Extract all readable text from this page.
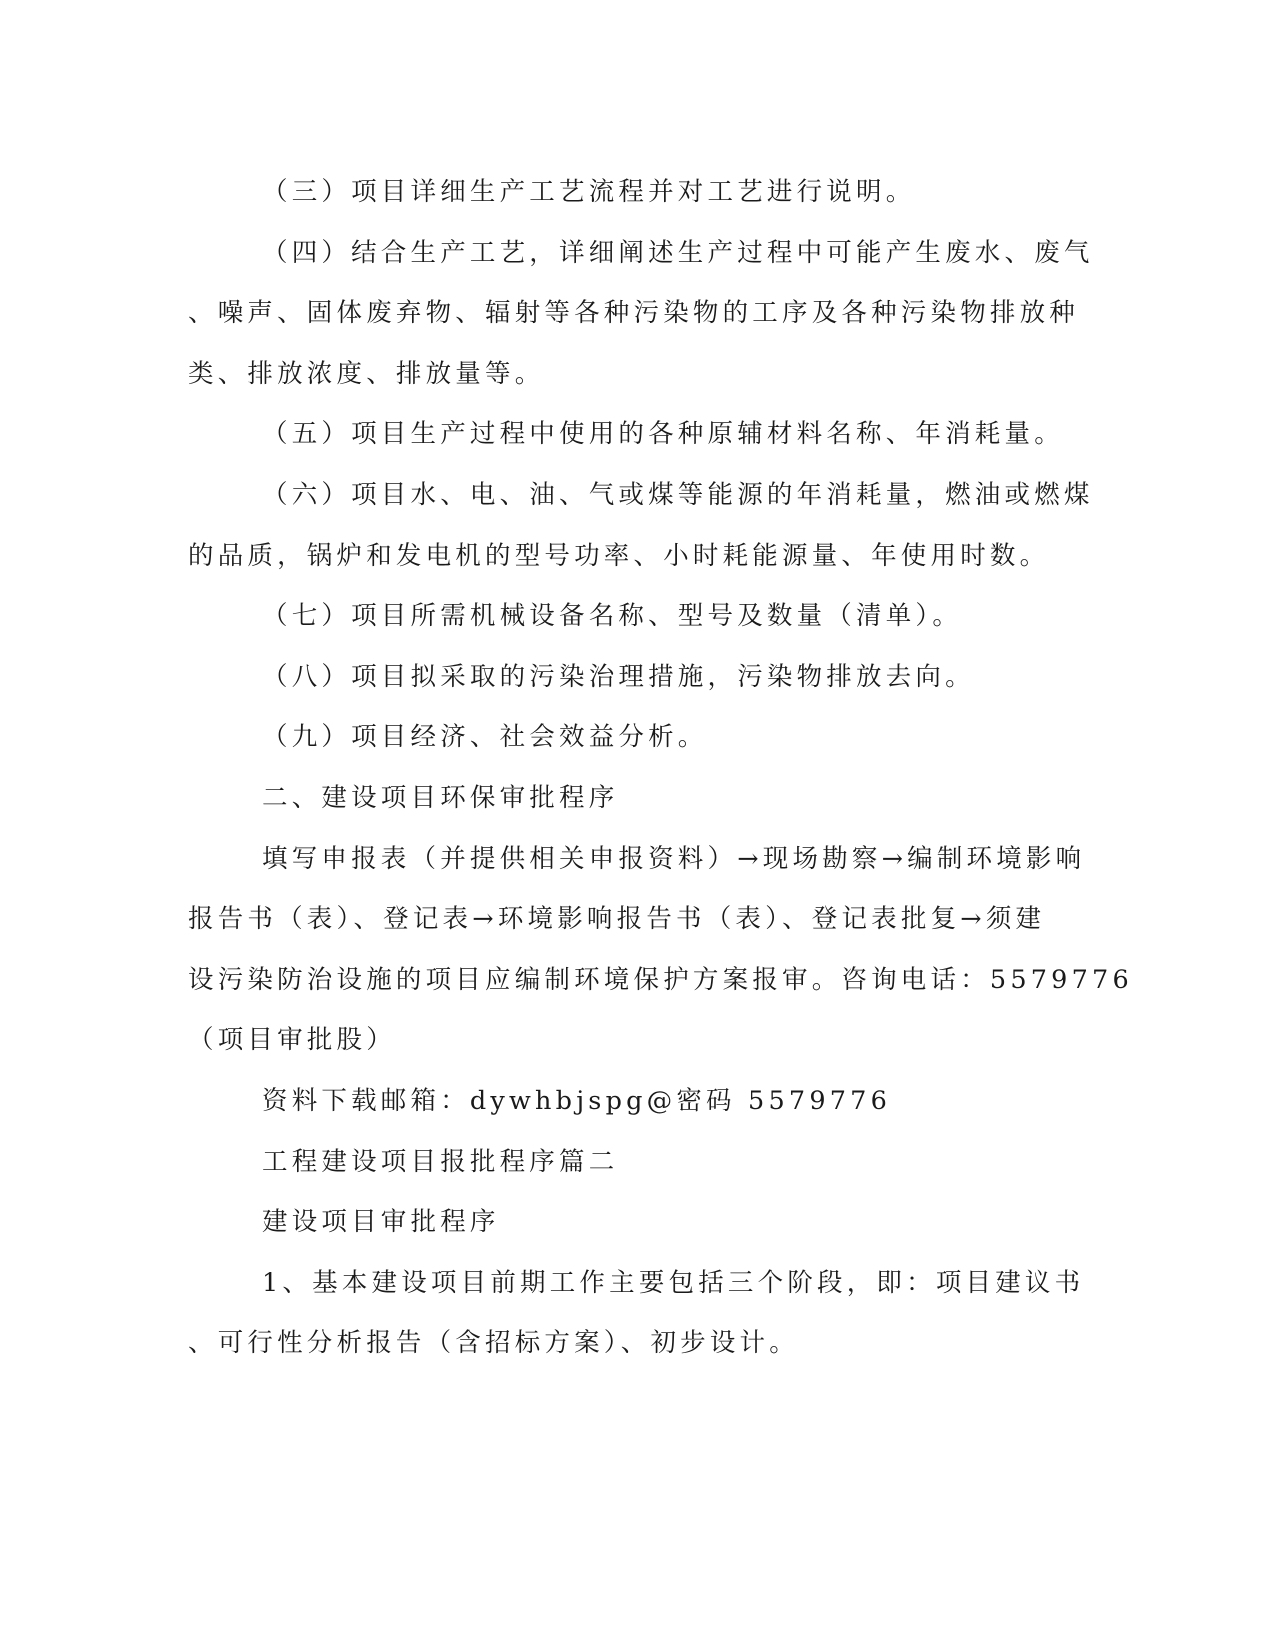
（三）项目详细生产工艺流程并对工艺进行说明。
（四）结合生产工艺，详细阐述生产过程中可能产生废水、废气
、噪声、固体废弃物、辐射等各种污染物的工序及各种污染物排放种
类、排放浓度、排放量等。
（五）项目生产过程中使用的各种原辅材料名称、年消耗量。
（六）项目水、电、油、气或煤等能源的年消耗量，燃油或燃煤
的品质，锅炉和发电机的型号功率、小时耗能源量、年使用时数。
（七）项目所需机械设备名称、型号及数量（清单）。
（八）项目拟采取的污染治理措施，污染物排放去向。
（九）项目经济、社会效益分析。
二、建设项目环保审批程序
填写申报表（并提供相关申报资料）→现场勘察→编制环境影响
报告书（表）、登记表→环境影响报告书（表）、登记表批复→须建
设污染防治设施的项目应编制环境保护方案报审。咨询电话：5579776
（项目审批股）
资料下载邮箱：dywhbjspg@密码 5579776
工程建设项目报批程序篇二
建设项目审批程序
1、基本建设项目前期工作主要包括三个阶段，即：项目建议书
、可行性分析报告（含招标方案）、初步设计。
